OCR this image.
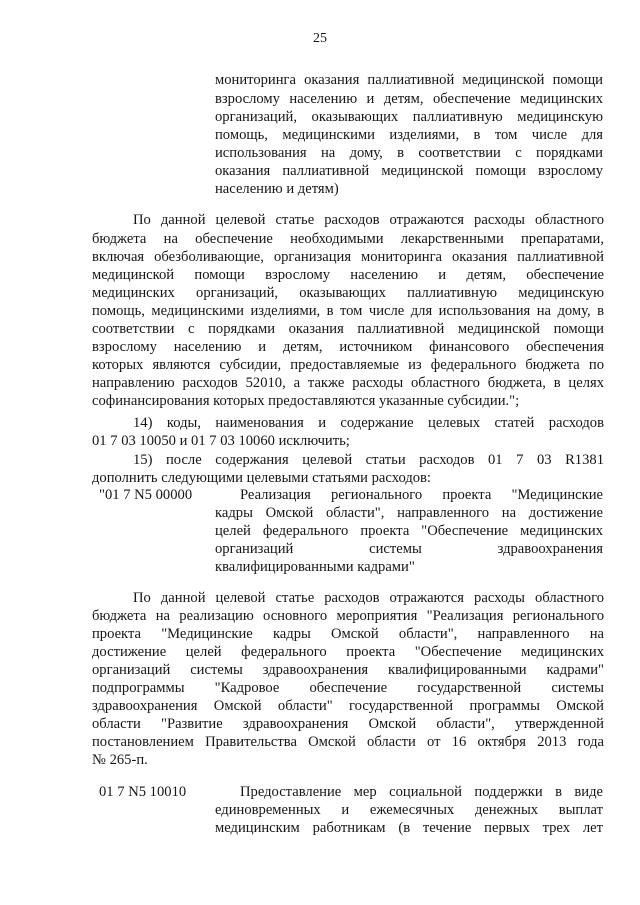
25

мониторинга оказания паллиативной медицинской помощи

взрослому населению и детям, обеспечение медицинских

организаций, оказывающих паллиативную медицинскую

помощь, медицинскими изделиями, в том числе для

использования на дому, в соответствии с порядками

оказания паллиативной медицинской помощи взрослому

населению и детям)

По данной целевой статье расходов отражаются расходы областного

бюджета на обеспечение необходимыми лекарственными препаратами,

включая обезболивающие, организация мониторинга оказания паллиативной

медицинской помощи взрослому населению и детям, обеспечение

медицинских организаций, оказывающих паллиативную медицинскую

помощь, медицинскими изделиями, в том числе для использования на дому, в

соответствии с порядками оказания паллиативной медицинской помощи

взрослому населению и детям, источником финансового обеспечения

которых являются субсидии, предоставляемые из федерального бюджета по

направлению расходов 52010, а также расходы областного бюджета, в целях

софинансирования которых предоставляются указанные субсидии.";

14) коды, наименования и содержание целевых статей расходов

01 7 03 10050 и 01 7 03 10060 исключить;

15) после содержания целевой статьи расходов 01 7 03 R1381

дополнить следующими целевыми статьями расходов:

"01 7 N5 00000	Реализация регионального проекта "Медицинские

кадры Омской области", направленного на достижение

целей федерального проекта "Обеспечение медицинских

организаций системы здравоохранения

квалифицированными кадрами"

По данной целевой статье расходов отражаются расходы областного

бюджета на реализацию основного мероприятия "Реализация регионального

проекта "Медицинские кадры Омской области", направленного на

достижение целей федерального проекта "Обеспечение медицинских

организаций системы здравоохранения квалифицированными кадрами"

подпрограммы "Кадровое обеспечение государственной системы

здравоохранения Омской области" государственной программы Омской

области "Развитие здравоохранения Омской области", утвержденной

постановлением Правительства Омской области от 16 октября 2013 года

№ 265-п.

01 7 N5 10010	Предоставление мер социальной поддержки в виде

единовременных и ежемесячных денежных выплат

медицинским работникам (в течение первых трех лет
